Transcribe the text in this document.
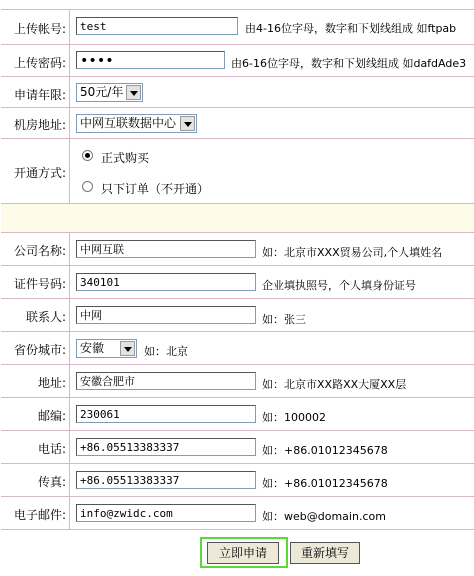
上传帐号:	test	由4-16位字母，数字和下划线组成 如ftpab
上传密码: ••••	由6-16位字母，数字和下划线组成 如dafdAde3
申请年限:	50元/年
机房地址:	中网互联数据中心
开通方式:
正式购买
只下订单（不开通）
公司名称:	中网互联	如：北京市XXX贸易公司,个人填姓名
证件号码:	340101	企业填执照号，个人填身份证号
联系人:	中网	如：张三
省份城市:	安徽	如：北京
地址:	安徽合肥市	如：北京市XX路XX大厦XX层
邮编:	230061	如：100002
电话:	+86.05513383337	如：+86.01012345678
传真:	+86.05513383337	如：+86.01012345678
电子邮件:	info@zwidc.com	如：web@domain.com
立即申请	重新填写
